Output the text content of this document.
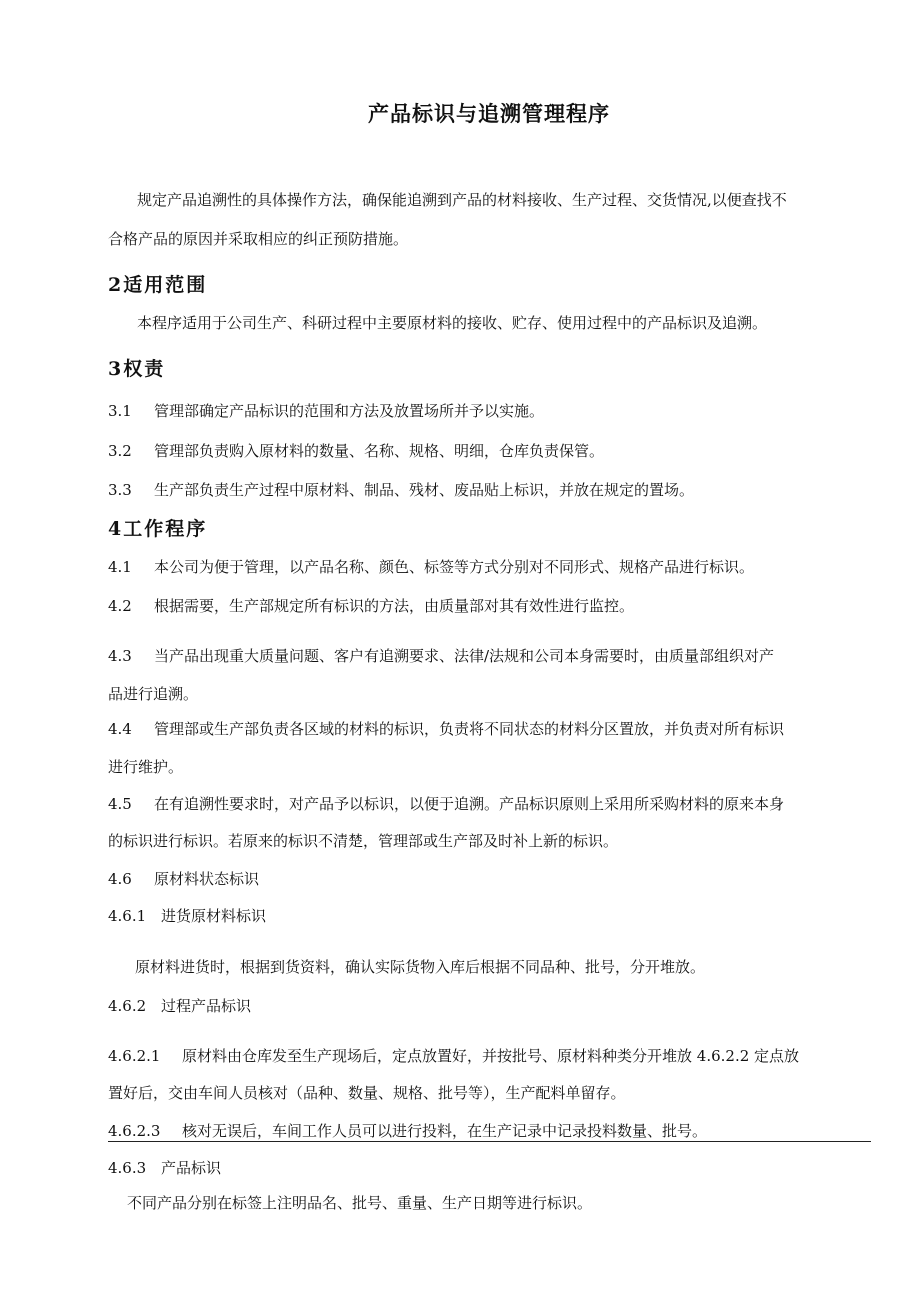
产品标识与追溯管理程序

规定产品追溯性的具体操作方法，确保能追溯到产品的材料接收、生产过程、交货情况,以便查找不

合格产品的原因并采取相应的纠正预防措施。

2适用范围

本程序适用于公司生产、科研过程中主要原材料的接收、贮存、使用过程中的产品标识及追溯。

3权责

3.1 管理部确定产品标识的范围和方法及放置场所并予以实施。

3.2 管理部负责购入原材料的数量、名称、规格、明细，仓库负责保管。

3.3 生产部负责生产过程中原材料、制品、残材、废品贴上标识，并放在规定的置场。

4工作程序

4.1 本公司为便于管理，以产品名称、颜色、标签等方式分别对不同形式、规格产品进行标识。

4.2 根据需要，生产部规定所有标识的方法，由质量部对其有效性进行监控。

4.3 当产品出现重大质量问题、客户有追溯要求、法律/法规和公司本身需要时，由质量部组织对产

品进行追溯。

4.4 管理部或生产部负责各区域的材料的标识，负责将不同状态的材料分区置放，并负责对所有标识

进行维护。

4.5 在有追溯性要求时，对产品予以标识，以便于追溯。产品标识原则上采用所采购材料的原来本身

的标识进行标识。若原来的标识不清楚，管理部或生产部及时补上新的标识。

4.6 原材料状态标识

4.6.1 进货原材料标识

原材料进货时，根据到货资料，确认实际货物入库后根据不同品种、批号，分开堆放。

4.6.2 过程产品标识

4.6.2.1 原材料由仓库发至生产现场后，定点放置好，并按批号、原材料种类分开堆放 4.6.2.2 定点放

置好后，交由车间人员核对（品种、数量、规格、批号等），生产配料单留存。

4.6.2.3 核对无误后，车间工作人员可以进行投料，在生产记录中记录投料数量、批号。

4.6.3 产品标识

不同产品分别在标签上注明品名、批号、重量、生产日期等进行标识。
